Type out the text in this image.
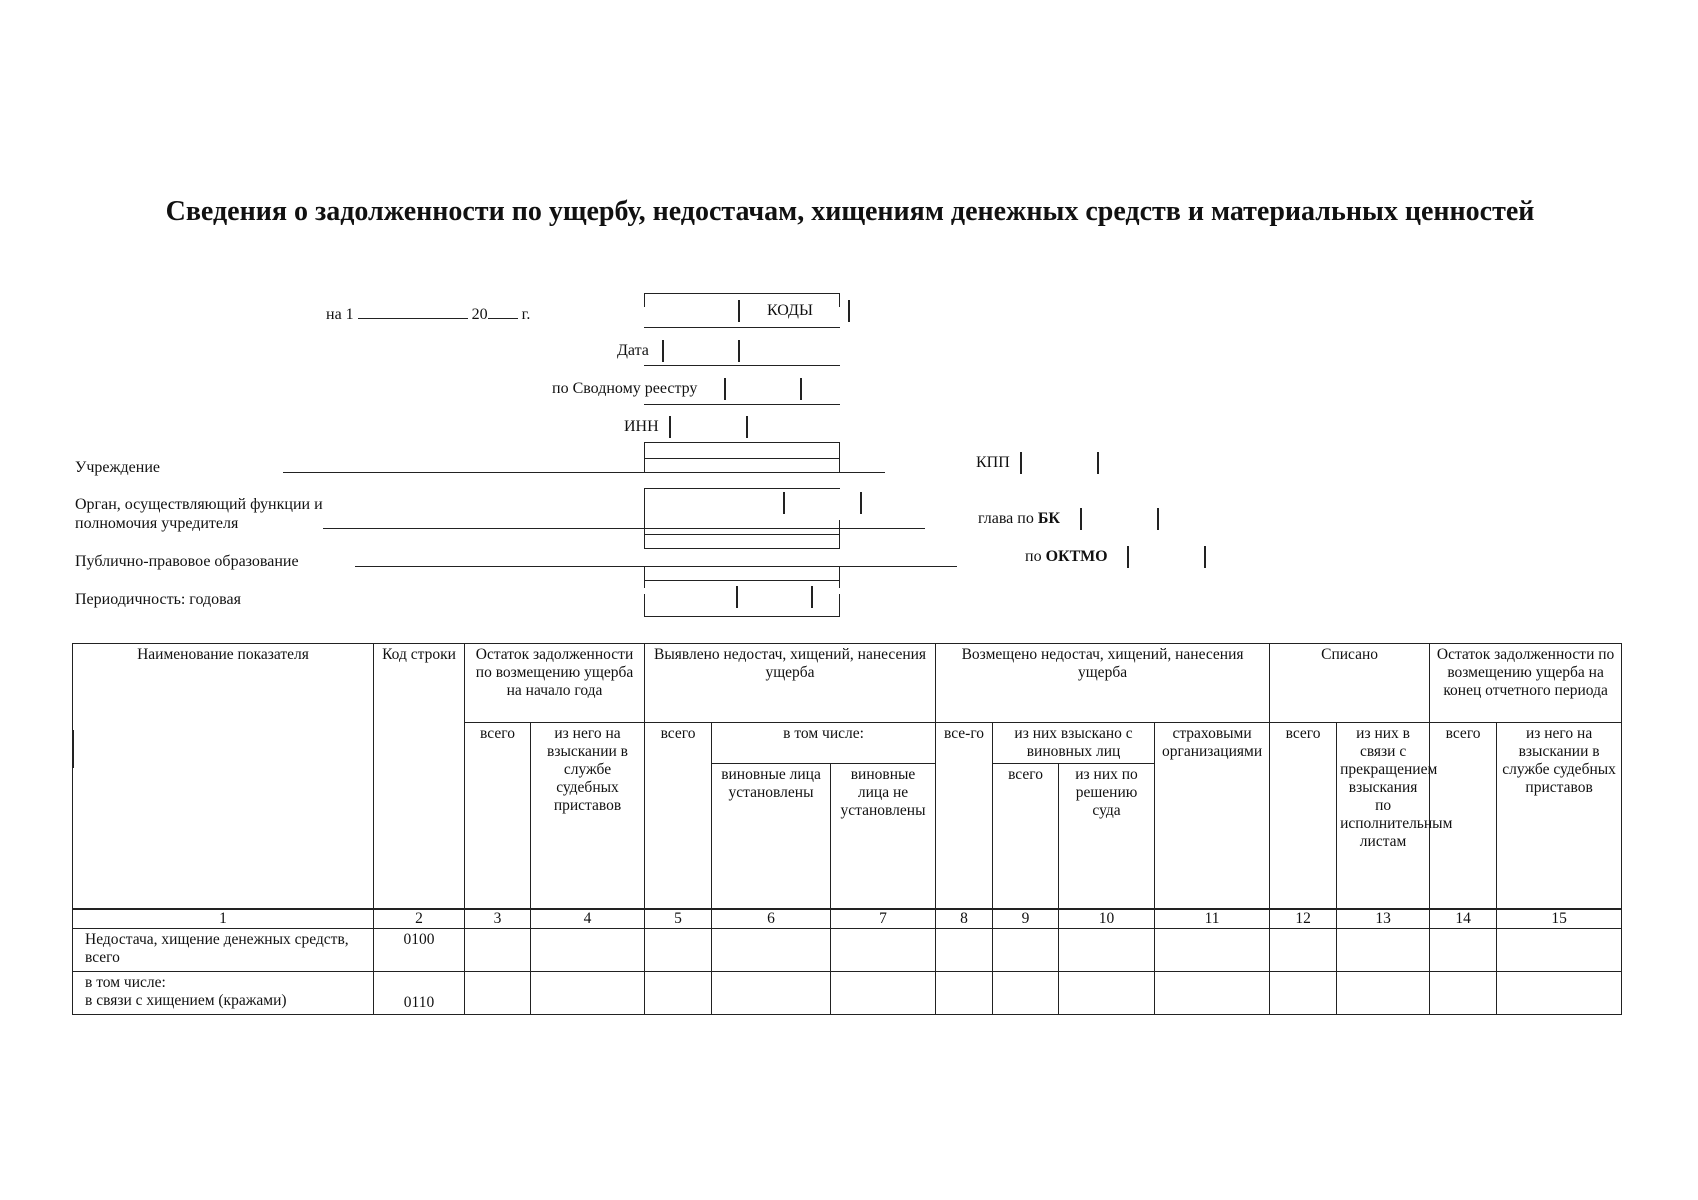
Сведения о задолженности по ущербу, недостачам, хищениям денежных средств и материальных ценностей
на 1	20 г.	КОДЫ
Дата
по Сводному реестру
ИНН
Учреждение	КПП
Орган, осуществляющий функции и
полномочия учредителя	глава по БК
Публично-правовое образование	по ОКТМО
Периодичность: годовая
Наименование показателя	Код строки	Остаток задолженности по возмещению ущерба на начало года		Выявлено недостач, хищений, нанесения ущерба			Возмещено недостач, хищений, нанесения ущерба				Списано		Остаток задолженности по возмещению ущерба на конец отчетного периода	
		всего	из него на взыскании в службе судебных приставов	всего	в том числе:		все-го	из них взыскано с виновных лиц		страховыми организациями	всего	из них в связи с прекращением взыскания по исполнительным листам	всего	из него на взыскании в службе судебных приставов
					виновные лица установлены	виновные лица не установлены		всего	из них по решению суда					
1	2	3	4	5	6	7	8	9	10	11	12	13	14	15
Недостача, хищение денежных средств, всего	0100													

в том числе:
в связи с хищением (кражами)	0110													
